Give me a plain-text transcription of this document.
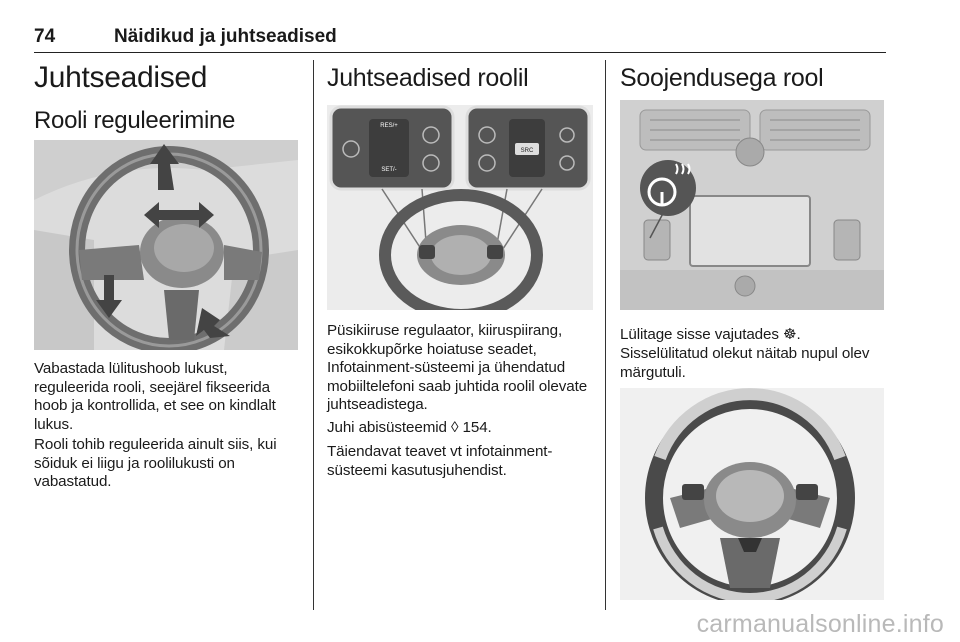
74	Näidikud ja juhtseadised
Juhtseadised
Rooli reguleerimine

Vabastada lülitushoob lukust, reguleerida rooli, seejärel fikseerida hoob ja kontrollida, et see on kindlalt lukus.

Rooli tohib reguleerida ainult siis, kui sõiduk ei liigu ja roolilukusti on vabastatud.

Juhtseadised roolil
RES/+
SET/-
SRC

Püsikiiruse regulaator, kiiruspiirang, esikokkupõrke hoiatuse seadet, Infotainment-süsteemi ja ühendatud mobiiltelefoni saab juhtida roolil olevate juhtseadistega.

Juhi abisüsteemid ◊ 154.

Täiendavat teavet vt infotainment-süsteemi kasutusjuhendist.

Soojendusega rool

Lülitage sisse vajutades ☸.

Sisselülitatud olekut näitab nupul olev märgutuli.

carmanualsonline.info
